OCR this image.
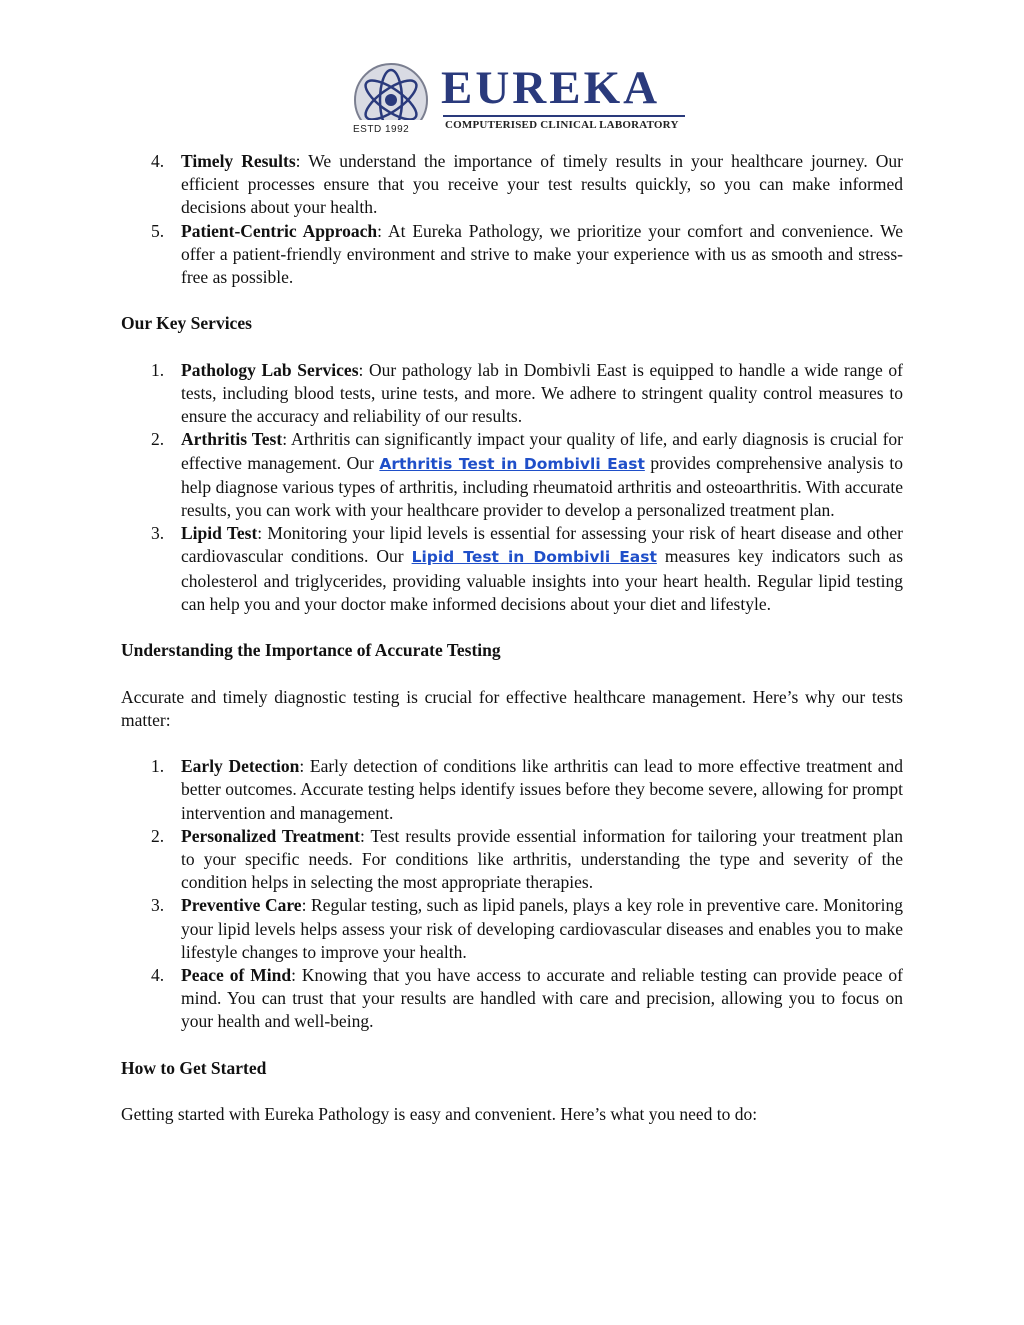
ESTD 1992
EUREKA
COMPUTERISED CLINICAL LABORATORY
4. Timely Results: We understand the importance of timely results in your healthcare journey. Our efficient processes ensure that you receive your test results quickly, so you can make informed decisions about your health.
5. Patient-Centric Approach: At Eureka Pathology, we prioritize your comfort and convenience. We offer a patient-friendly environment and strive to make your experience with us as smooth and stress-free as possible.

Our Key Services

1. Pathology Lab Services: Our pathology lab in Dombivli East is equipped to handle a wide range of tests, including blood tests, urine tests, and more. We adhere to stringent quality control measures to ensure the accuracy and reliability of our results.
2. Arthritis Test: Arthritis can significantly impact your quality of life, and early diagnosis is crucial for effective management. Our Arthritis Test in Dombivli East provides comprehensive analysis to help diagnose various types of arthritis, including rheumatoid arthritis and osteoarthritis. With accurate results, you can work with your healthcare provider to develop a personalized treatment plan.
3. Lipid Test: Monitoring your lipid levels is essential for assessing your risk of heart disease and other cardiovascular conditions. Our Lipid Test in Dombivli East measures key indicators such as cholesterol and triglycerides, providing valuable insights into your heart health. Regular lipid testing can help you and your doctor make informed decisions about your diet and lifestyle.

Understanding the Importance of Accurate Testing

Accurate and timely diagnostic testing is crucial for effective healthcare management. Here’s why our tests matter:

1. Early Detection: Early detection of conditions like arthritis can lead to more effective treatment and better outcomes. Accurate testing helps identify issues before they become severe, allowing for prompt intervention and management.
2. Personalized Treatment: Test results provide essential information for tailoring your treatment plan to your specific needs. For conditions like arthritis, understanding the type and severity of the condition helps in selecting the most appropriate therapies.
3. Preventive Care: Regular testing, such as lipid panels, plays a key role in preventive care. Monitoring your lipid levels helps assess your risk of developing cardiovascular diseases and enables you to make lifestyle changes to improve your health.
4. Peace of Mind: Knowing that you have access to accurate and reliable testing can provide peace of mind. You can trust that your results are handled with care and precision, allowing you to focus on your health and well-being.

How to Get Started

Getting started with Eureka Pathology is easy and convenient. Here’s what you need to do:
